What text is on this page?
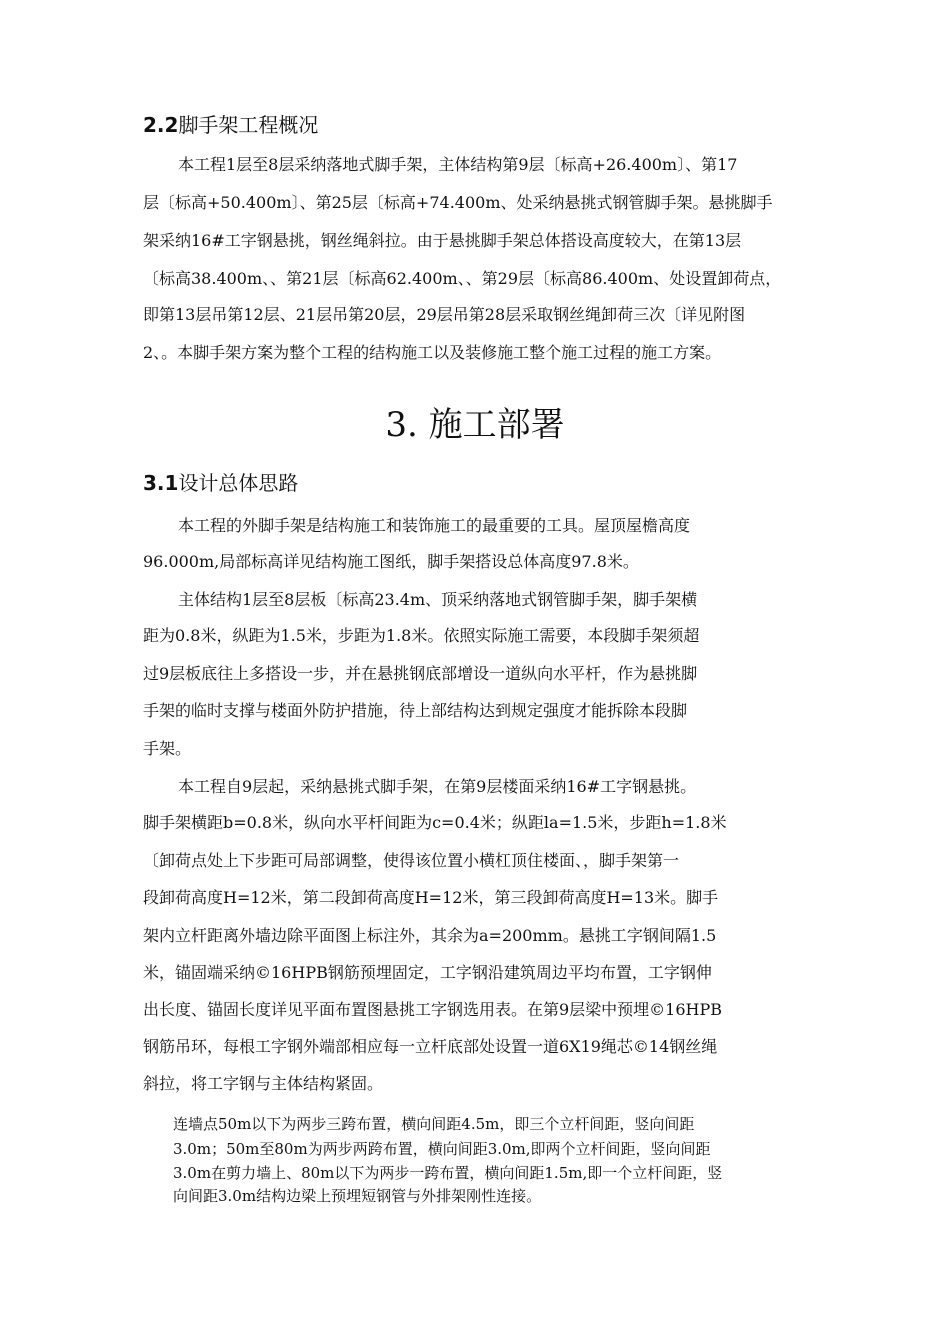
2.2脚手架工程概况
本工程1层至8层采纳落地式脚手架，主体结构第9层〔标高+26.400m〕、第17
层〔标高+50.400m〕、第25层〔标高+74.400m、处采纳悬挑式钢管脚手架。悬挑脚手
架采纳16#工字钢悬挑，钢丝绳斜拉。由于悬挑脚手架总体搭设高度较大，在第13层
〔标高38.400m、、第21层〔标高62.400m、、第29层〔标高86.400m、处设置卸荷点，
即第13层吊第12层、21层吊第20层，29层吊第28层采取钢丝绳卸荷三次〔详见附图
2、。本脚手架方案为整个工程的结构施工以及装修施工整个施工过程的施工方案。
3. 施工部署
3.1设计总体思路
本工程的外脚手架是结构施工和装饰施工的最重要的工具。屋顶屋檐高度
96.000m,局部标高详见结构施工图纸，脚手架搭设总体高度97.8米。
主体结构1层至8层板〔标高23.4m、顶采纳落地式钢管脚手架，脚手架横
距为0.8米，纵距为1.5米，步距为1.8米。依照实际施工需要，本段脚手架须超
过9层板底往上多搭设一步，并在悬挑钢底部增设一道纵向水平杆，作为悬挑脚
手架的临时支撑与楼面外防护措施，待上部结构达到规定强度才能拆除本段脚
手架。
本工程自9层起，采纳悬挑式脚手架，在第9层楼面采纳16#工字钢悬挑。
脚手架横距b=0.8米，纵向水平杆间距为c=0.4米；纵距la=1.5米，步距h=1.8米
〔卸荷点处上下步距可局部调整，使得该位置小横杠顶住楼面、，脚手架第一
段卸荷高度H=12米，第二段卸荷高度H=12米，第三段卸荷高度H=13米。脚手
架内立杆距离外墙边除平面图上标注外，其余为a=200mm。悬挑工字钢间隔1.5
米，锚固端采纳©16HPB钢筋预埋固定，工字钢沿建筑周边平均布置，工字钢伸
出长度、锚固长度详见平面布置图悬挑工字钢选用表。在第9层梁中预埋©16HPB
钢筋吊环，每根工字钢外端部相应每一立杆底部处设置一道6X19绳芯©14钢丝绳
斜拉，将工字钢与主体结构紧固。
连墙点50m以下为两步三跨布置，横向间距4.5m，即三个立杆间距，竖向间距
3.0m；50m至80m为两步两跨布置，横向间距3.0m,即两个立杆间距，竖向间距
3.0m在剪力墙上、80m以下为两步一跨布置，横向间距1.5m,即一个立杆间距，竖
向间距3.0m结构边梁上预埋短钢管与外排架刚性连接。
